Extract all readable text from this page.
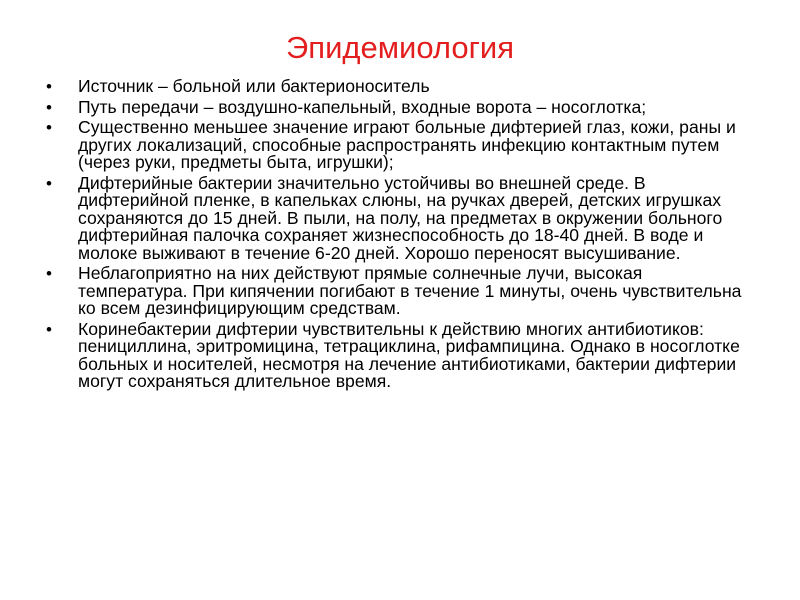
Эпидемиология
• Источник – больной или бактерионоситель
• Путь передачи – воздушно-капельный, входные ворота – носоглотка;
• Существенно меньшее значение играют больные дифтерией глаз, кожи, раны и других локализаций, способные распространять инфекцию контактным путем (через руки, предметы быта, игрушки);
• Дифтерийные бактерии значительно устойчивы во внешней среде. В дифтерийной пленке, в капельках слюны, на ручках дверей, детских игрушках сохраняются до 15 дней. В пыли, на полу, на предметах в окружении больного дифтерийная палочка сохраняет жизнеспособность до 18-40 дней. В воде и молоке выживают в течение 6-20 дней. Хорошо переносят высушивание.
• Неблагоприятно на них действуют прямые солнечные лучи, высокая температура. При кипячении погибают в течение 1 минуты, очень чувствительна ко всем дезинфицирующим средствам.
• Коринебактерии дифтерии чувствительны к действию многих антибиотиков: пенициллина, эритромицина, тетрациклина, рифампицина. Однако в носоглотке больных и носителей, несмотря на лечение антибиотиками, бактерии дифтерии могут сохраняться длительное время.
